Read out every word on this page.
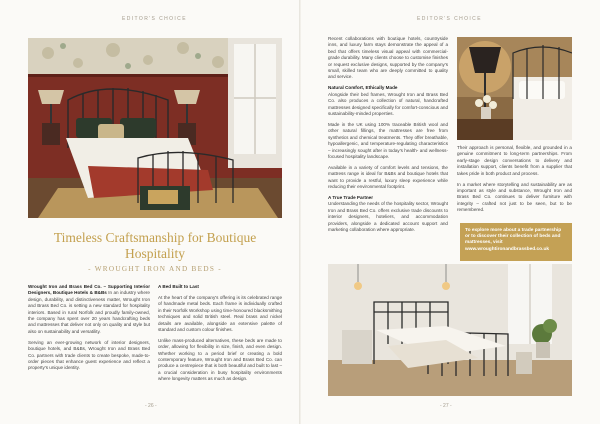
EDITOR'S CHOICE	EDITOR'S CHOICE
Timeless Craftsmanship for Boutique Hospitality
- WROUGHT IRON AND BEDS -

Wrought Iron and Brass Bed Co. – Supporting Interior Designers, Boutique Hotels & B&Bs In an industry where design, durability, and distinctiveness matter, Wrought Iron and Brass Bed Co. is setting a new standard for hospitality interiors. Based in rural Norfolk and proudly family-owned, the company has spent over 20 years handcrafting beds and mattresses that deliver not only on quality and style but also on sustainability and versatility.

Serving an ever-growing network of interior designers, boutique hotels, and B&Bs, Wrought Iron and Brass Bed Co. partners with trade clients to create bespoke, made-to-order pieces that enhance guest experience and reflect a property's unique identity.

A Bed Built to Last

At the heart of the company's offering is its celebrated range of handmade metal beds. Each frame is individually crafted in their Norfolk Workshop using time-honoured blacksmithing techniques and solid British steel. Real brass and nickel details are available, alongside an extensive palette of standard and custom colour finishes.

Unlike mass-produced alternatives, these beds are made to order, allowing for flexibility in size, finish, and even design. Whether working to a period brief or creating a bold contemporary feature, Wrought Iron and Brass Bed Co. can produce a centrepiece that is both beautiful and built to last – a crucial consideration in busy hospitality environments where longevity matters as much as design.

Recent collaborations with boutique hotels, countryside inns, and luxury farm stays demonstrate the appeal of a bed that offers timeless visual appeal with commercial-grade durability. Many clients choose to customise finishes or request exclusive designs, supported by the company's small, skilled team who are deeply committed to quality and service.

Natural Comfort, Ethically Made

Alongside their bed frames, Wrought Iron and Brass Bed Co. also produces a collection of natural, handcrafted mattresses designed specifically for comfort-conscious and sustainability-minded properties.

Made in the UK using 100% traceable British wool and other natural fillings, the mattresses are free from synthetics and chemical treatments. They offer breathable, hypoallergenic, and temperature-regulating characteristics – increasingly sought after in today's health- and wellness-focused hospitality landscape.

Available in a variety of comfort levels and tensions, the mattress range is ideal for B&Bs and boutique hotels that want to provide a restful, luxury sleep experience while reducing their environmental footprint.

A True Trade Partner

Understanding the needs of the hospitality sector, Wrought Iron and Brass Bed Co. offers exclusive trade discounts to interior designers, hoteliers, and accommodation providers, alongside a dedicated account support and marketing collaboration where appropriate.

Their approach is personal, flexible, and grounded in a genuine commitment to long-term partnerships. From early-stage design conversations to delivery and installation support, clients benefit from a supplier that takes pride in both product and process.

In a market where storytelling and sustainability are as important as style and substance, Wrought Iron and Brass Bed Co. continues to deliver furniture with integrity – crafted not just to be seen, but to be remembered.

To explore more about a trade partnership or to discover their collection of beds and mattresses, visit www.wroughtironandbrassbed.co.uk
- 26 -	- 27 -
